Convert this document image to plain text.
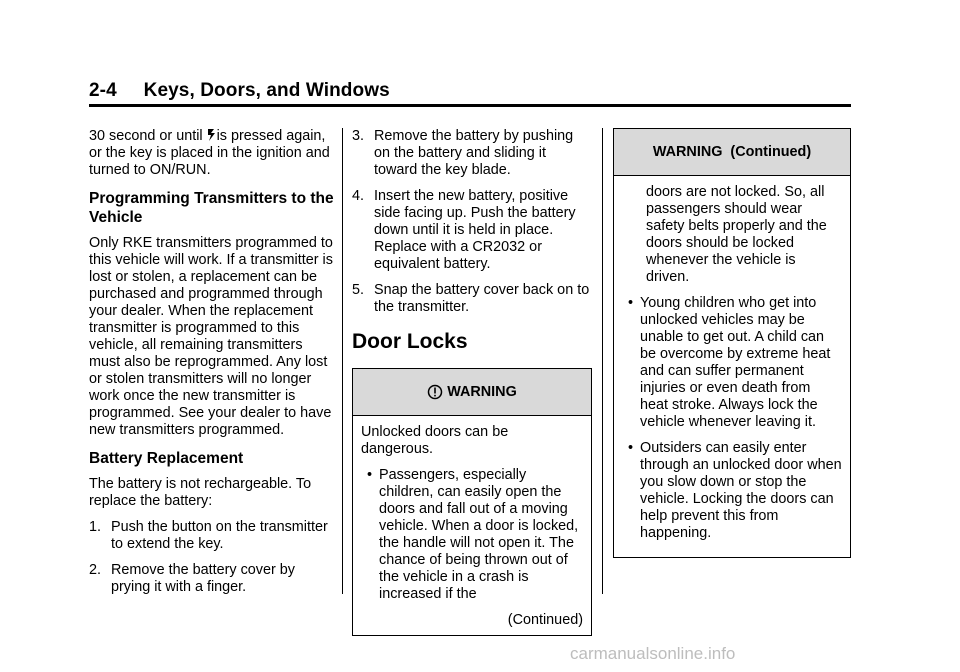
2-4     Keys, Doors, and Windows

30 second or until is pressed again, or the key is placed in the ignition and turned to ON/RUN.

Programming Transmitters to the Vehicle

Only RKE transmitters programmed to this vehicle will work. If a transmitter is lost or stolen, a replacement can be purchased and programmed through your dealer. When the replacement transmitter is programmed to this vehicle, all remaining transmitters must also be reprogrammed. Any lost or stolen transmitters will no longer work once the new transmitter is programmed. See your dealer to have new transmitters programmed.

Battery Replacement

The battery is not rechargeable. To replace the battery:

1. Push the button on the transmitter to extend the key.
2. Remove the battery cover by prying it with a finger.
3. Remove the battery by pushing on the battery and sliding it toward the key blade.
4. Insert the new battery, positive side facing up. Push the battery down until it is held in place. Replace with a CR2032 or equivalent battery.
5. Snap the battery cover back on to the transmitter.
Door Locks
WARNING

Unlocked doors can be dangerous.

• Passengers, especially children, can easily open the doors and fall out of a moving vehicle. When a door is locked, the handle will not open it. The chance of being thrown out of the vehicle in a crash is increased if the

(Continued)

WARNING  (Continued)

doors are not locked. So, all passengers should wear safety belts properly and the doors should be locked whenever the vehicle is driven.

• Young children who get into unlocked vehicles may be unable to get out. A child can be overcome by extreme heat and can suffer permanent injuries or even death from heat stroke. Always lock the vehicle whenever leaving it.
• Outsiders can easily enter through an unlocked door when you slow down or stop the vehicle. Locking the doors can help prevent this from happening.
carmanualsonline.info
